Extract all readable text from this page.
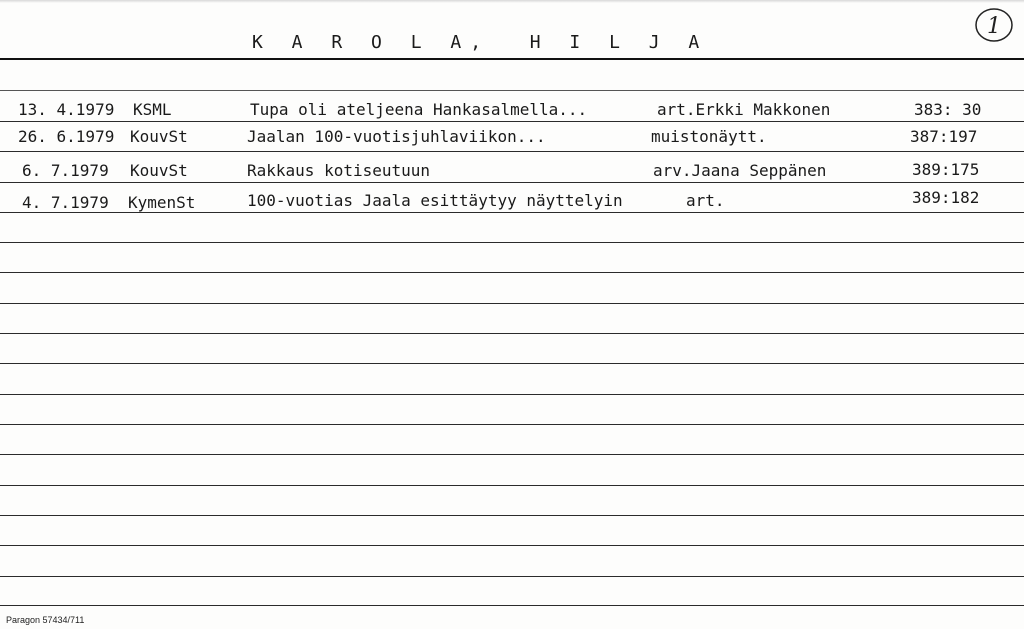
K A R O L A,  H I L J A
1
13. 4.1979 KSML	Tupa oli ateljeena Hankasalmella...	art.Erkki Makkonen	383: 30
26. 6.1979 KouvSt	Jaalan 100-vuotisjuhlaviikon...	muistonäytt.	387:197
6. 7.1979 KouvSt	Rakkaus kotiseutuun	arv.Jaana Seppänen	389:175
4. 7.1979 KymenSt	100-vuotias Jaala esittäytyy näyttelyin	art.	389:182
Paragon 57434/711
